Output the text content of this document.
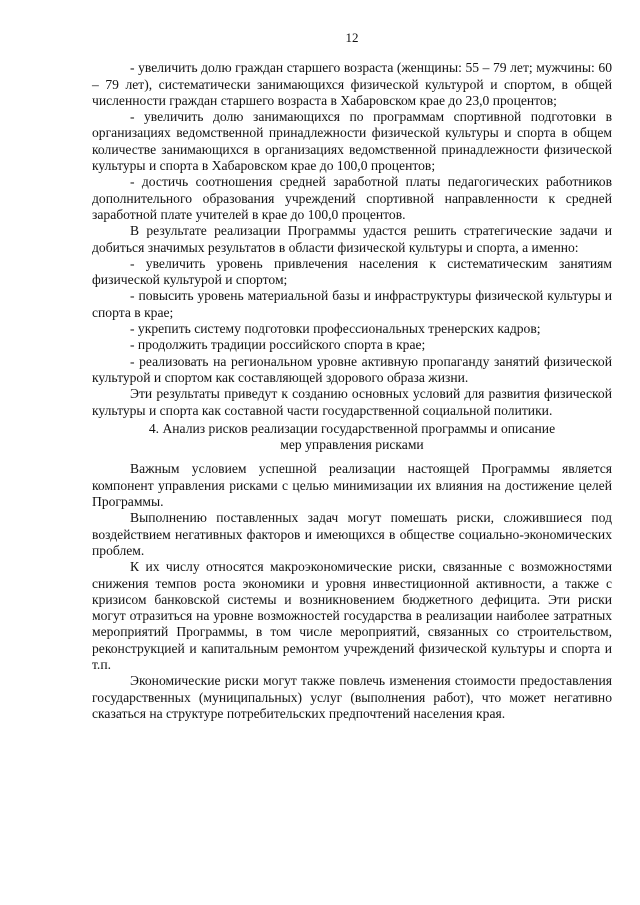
12

- увеличить долю граждан старшего возраста (женщины: 55 – 79 лет; мужчины: 60 – 79 лет), систематически занимающихся физической культурой и спортом, в общей численности граждан старшего возраста в Хабаровском крае до 23,0 процентов;

- увеличить долю занимающихся по программам спортивной подготовки в организациях ведомственной принадлежности физической культуры и спорта в общем количестве занимающихся в организациях ведомственной принадлежности физической культуры и спорта в Хабаровском крае до 100,0 процентов;

- достичь соотношения средней заработной платы педагогических работников дополнительного образования учреждений спортивной направленности к средней заработной плате учителей в крае до 100,0 процентов.

В результате реализации Программы удастся решить стратегические задачи и добиться значимых результатов в области физической культуры и спорта, а именно:

- увеличить уровень привлечения населения к систематическим занятиям физической культурой и спортом;

- повысить уровень материальной базы и инфраструктуры физической культуры и спорта в крае;

- укрепить систему подготовки профессиональных тренерских кадров;

- продолжить традиции российского спорта в крае;

- реализовать на региональном уровне активную пропаганду занятий физической культурой и спортом как составляющей здорового образа жизни.

Эти результаты приведут к созданию основных условий для развития физической культуры и спорта как составной части государственной социальной политики.

4. Анализ рисков реализации государственной программы и описание
мер управления рисками

Важным условием успешной реализации настоящей Программы является компонент управления рисками с целью минимизации их влияния на достижение целей Программы.

Выполнению поставленных задач могут помешать риски, сложившиеся под воздействием негативных факторов и имеющихся в обществе социально-экономических проблем.

К их числу относятся макроэкономические риски, связанные с возможностями снижения темпов роста экономики и уровня инвестиционной активности, а также с кризисом банковской системы и возникновением бюджетного дефицита. Эти риски могут отразиться на уровне возможностей государства в реализации наиболее затратных мероприятий Программы, в том числе мероприятий, связанных со строительством, реконструкцией и капитальным ремонтом учреждений физической культуры и спорта и т.п.

Экономические риски могут также повлечь изменения стоимости предоставления государственных (муниципальных) услуг (выполнения работ), что может негативно сказаться на структуре потребительских предпочтений населения края.
